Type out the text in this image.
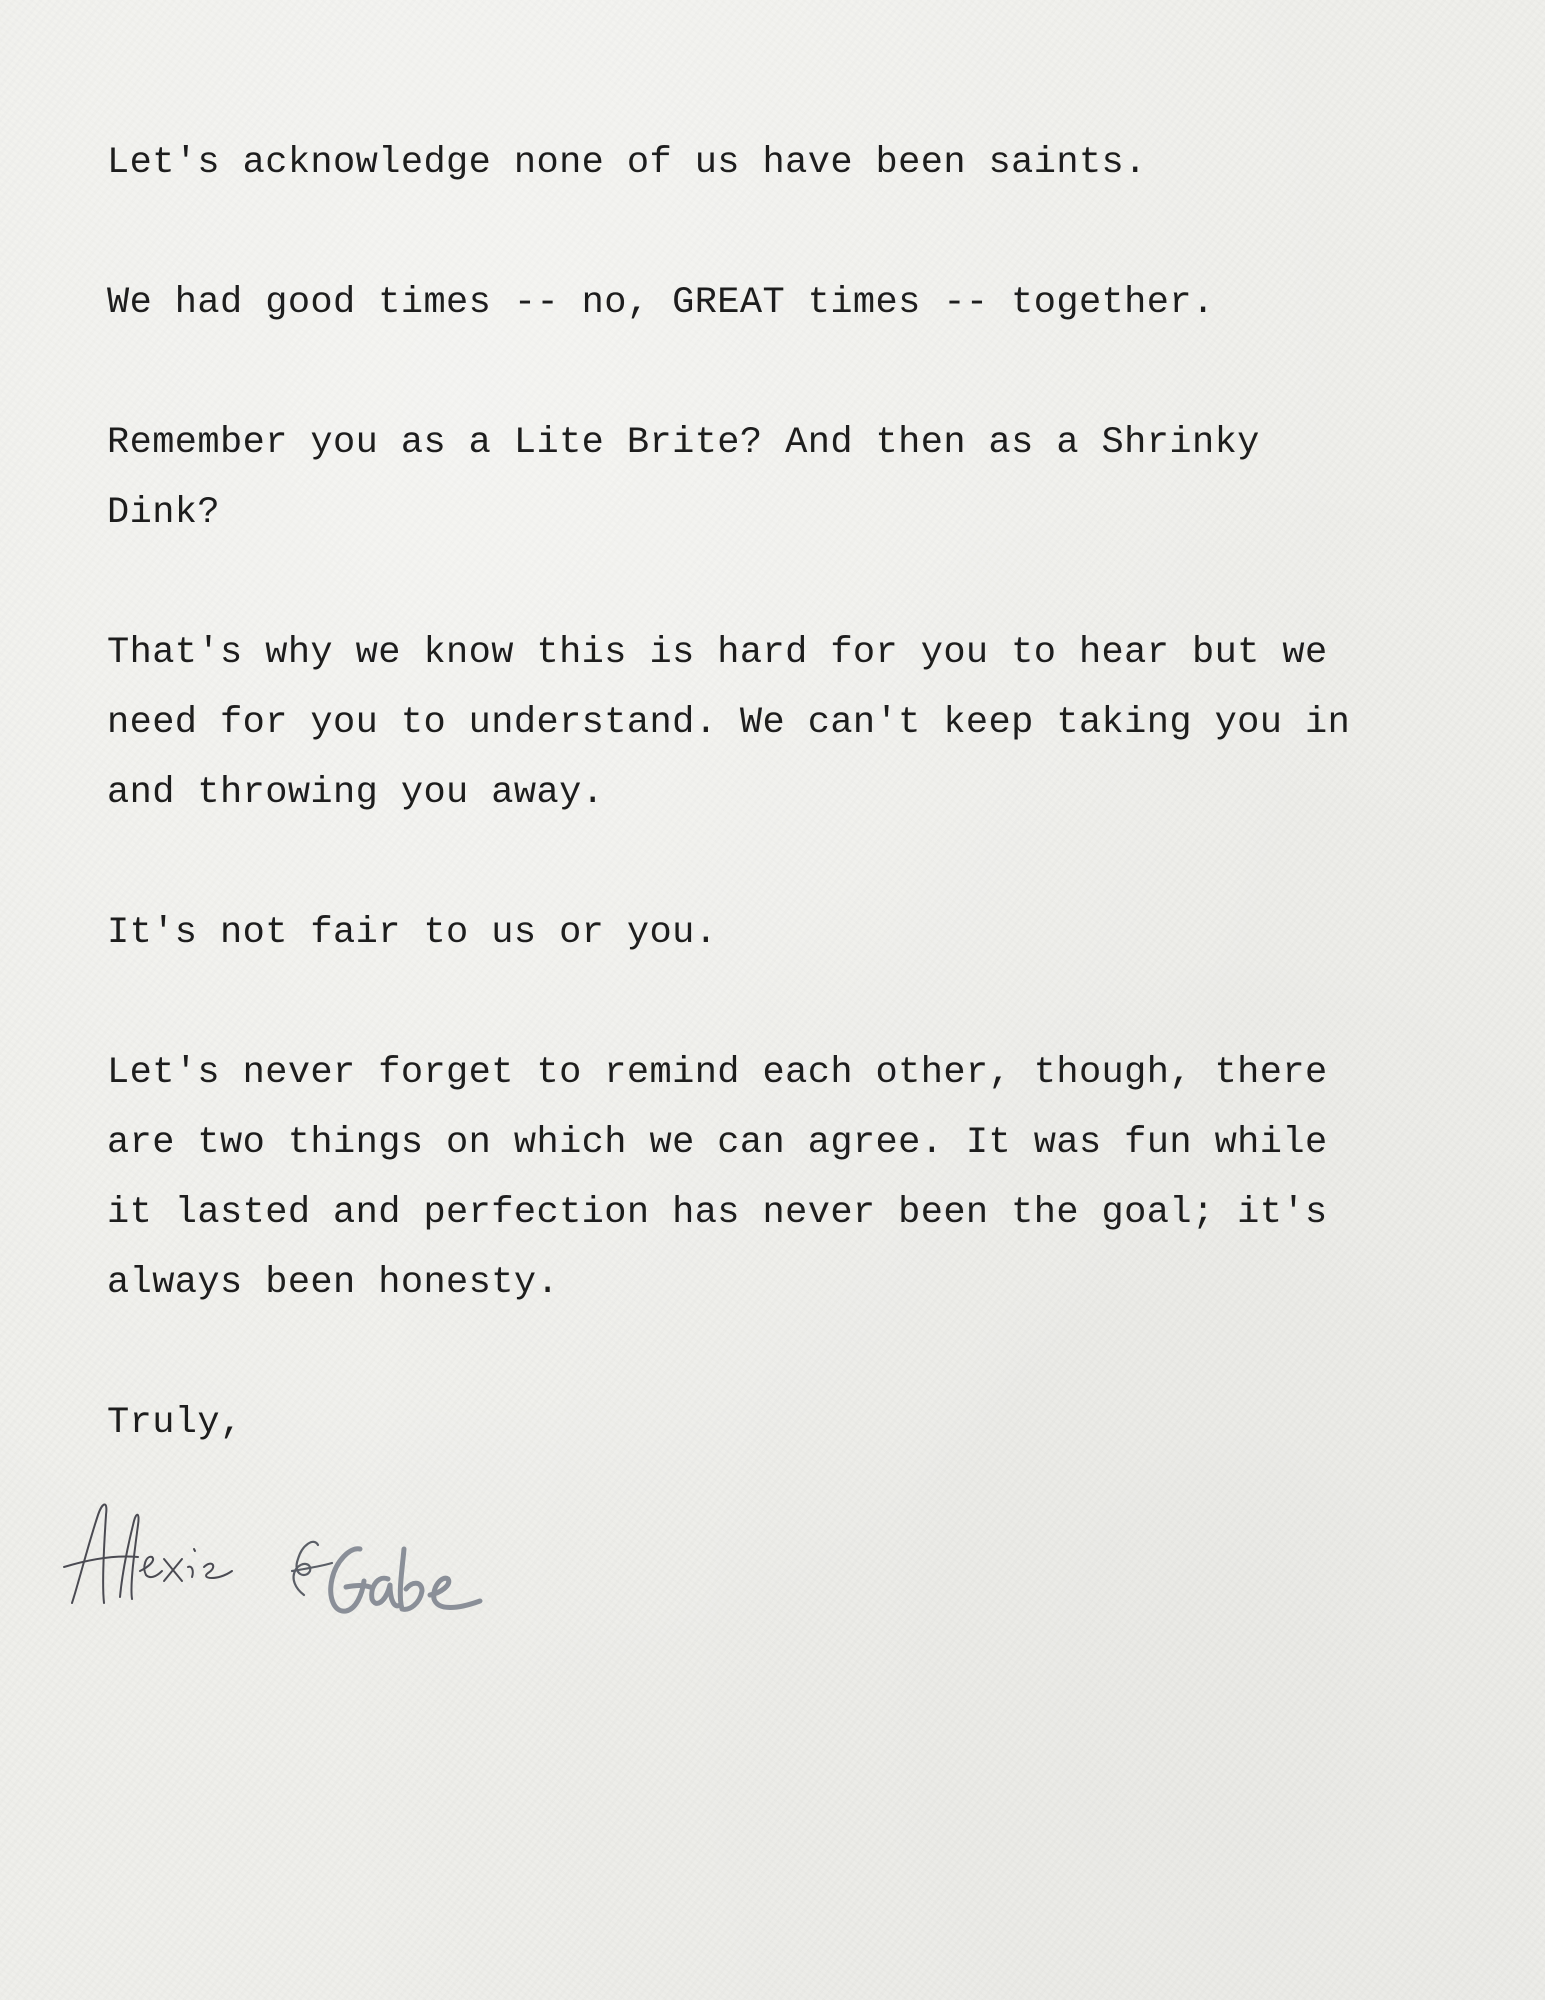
Let's acknowledge none of us have been saints.

We had good times -- no, GREAT times -- together.

Remember you as a Lite Brite? And then as a Shrinky
Dink?

That's why we know this is hard for you to hear but we
need for you to understand. We can't keep taking you in
and throwing you away.

It's not fair to us or you.

Let's never forget to remind each other, though, there
are two things on which we can agree. It was fun while
it lasted and perfection has never been the goal; it's
always been honesty.

Truly,
